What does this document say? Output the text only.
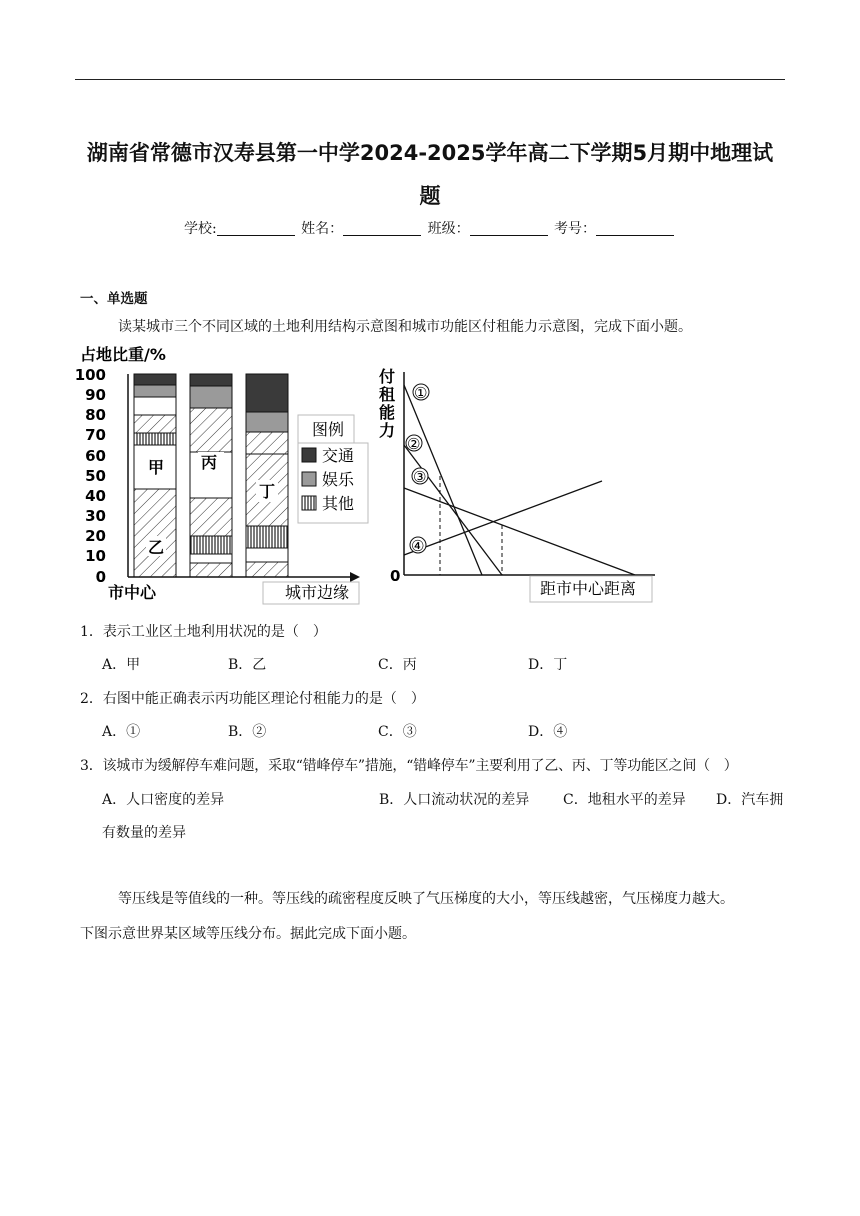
湖南省常德市汉寿县第一中学2024-2025学年高二下学期5月期中地理试
题
学校:	姓名：	班级：	考号：
一、单选题
读某城市三个不同区域的土地利用结构示意图和城市功能区付租能力示意图，完成下面小题。
占地比重/%
100
90
80
70
60
50
40
30
20
10
0
甲
乙
丙
丁
图例
交通
娱乐
其他
市中心	城市边缘
付
租
能
力
0
①
②
③
④
距市中心距离
1．表示工业区土地利用状况的是（　）
A．甲	B．乙	C．丙	D．丁
2．右图中能正确表示丙功能区理论付租能力的是（　）
A．①	B．②	C．③	D．④
3．该城市为缓解停车难问题，采取“错峰停车”措施，“错峰停车”主要利用了乙、丙、丁等功能区之间（　）
A．人口密度的差异	B．人口流动状况的差异 C．地租水平的差异 D．汽车拥
有数量的差异
等压线是等值线的一种。等压线的疏密程度反映了气压梯度的大小，等压线越密，气压梯度力越大。
下图示意世界某区域等压线分布。据此完成下面小题。
